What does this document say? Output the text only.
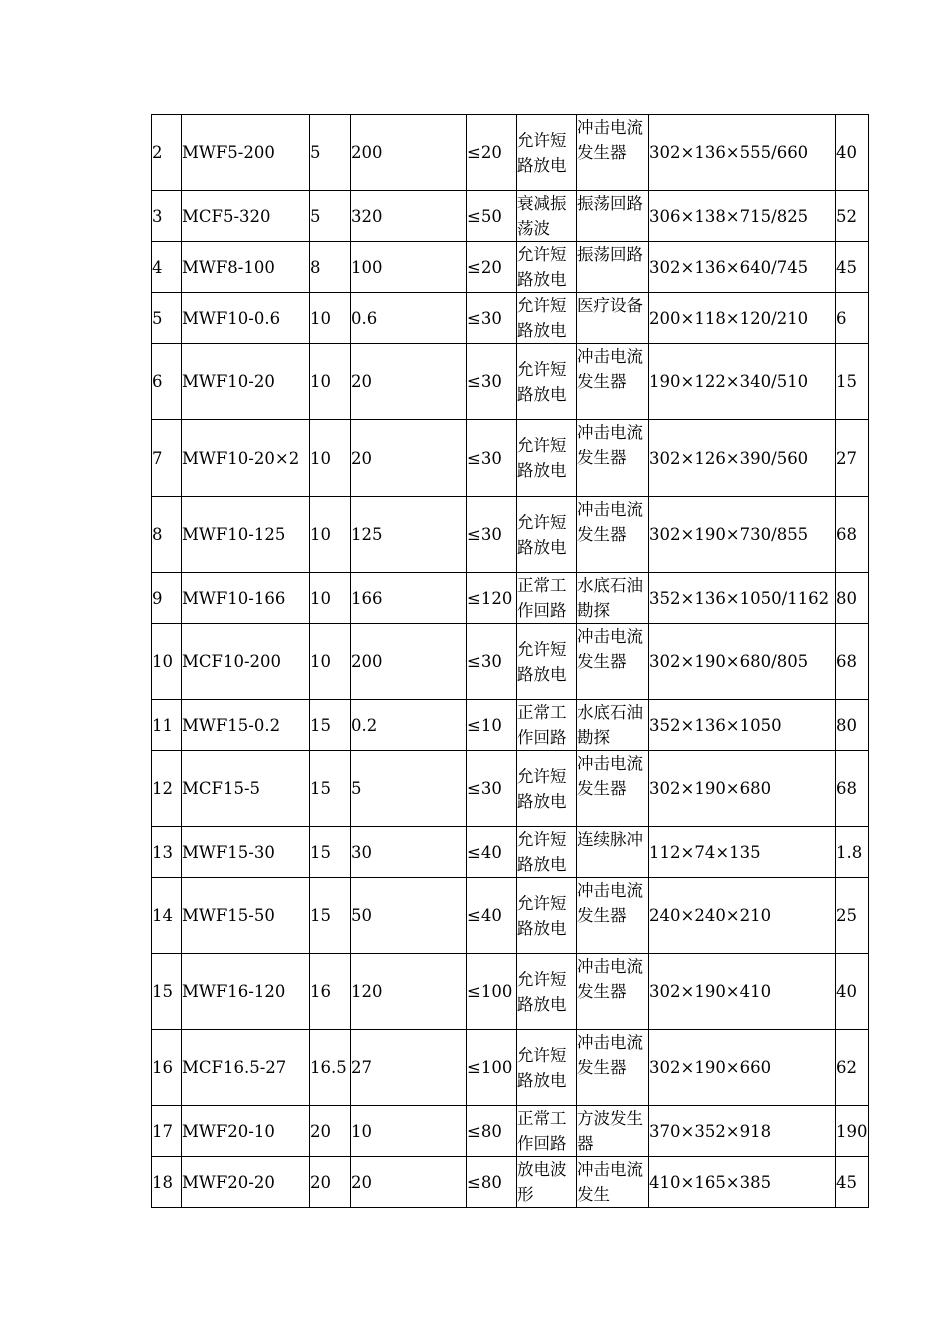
2	MWF5-200	5	200	≤20	允许短路放电	冲击电流发生器	302×136×555/660	40
3	MCF5-320	5	320	≤50	衰减振荡波	振荡回路	306×138×715/825	52
4	MWF8-100	8	100	≤20	允许短路放电	振荡回路	302×136×640/745	45
5	MWF10-0.6	10	0.6	≤30	允许短路放电	医疗设备	200×118×120/210	6
6	MWF10-20	10	20	≤30	允许短路放电	冲击电流发生器	190×122×340/510	15
7	MWF10-20×2	10	20	≤30	允许短路放电	冲击电流发生器	302×126×390/560	27
8	MWF10-125	10	125	≤30	允许短路放电	冲击电流发生器	302×190×730/855	68
9	MWF10-166	10	166	≤120	正常工作回路	水底石油勘探	352×136×1050/1162	80
10	MCF10-200	10	200	≤30	允许短路放电	冲击电流发生器	302×190×680/805	68
11	MWF15-0.2	15	0.2	≤10	正常工作回路	水底石油勘探	352×136×1050	80
12	MCF15-5	15	5	≤30	允许短路放电	冲击电流发生器	302×190×680	68
13	MWF15-30	15	30	≤40	允许短路放电	连续脉冲	112×74×135	1.8
14	MWF15-50	15	50	≤40	允许短路放电	冲击电流发生器	240×240×210	25
15	MWF16-120	16	120	≤100	允许短路放电	冲击电流发生器	302×190×410	40
16	MCF16.5-27	16.5	27	≤100	允许短路放电	冲击电流发生器	302×190×660	62
17	MWF20-10	20	10	≤80	正常工作回路	方波发生器	370×352×918	190
18	MWF20-20	20	20	≤80	放电波形	冲击电流发生	410×165×385	45
